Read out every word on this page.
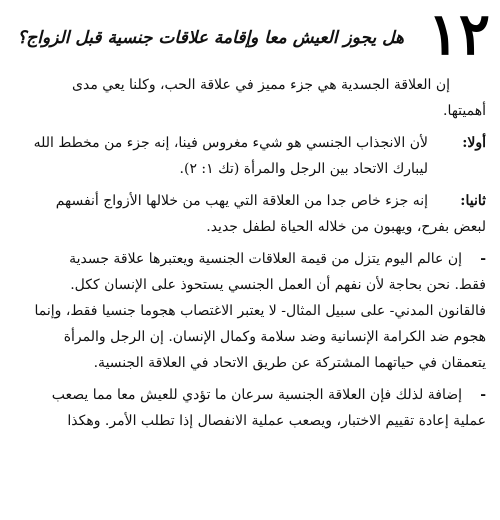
١٢
هل يجوز العيش معا وإقامة علاقات جنسية قبل الزواج؟
إن العلاقة الجسدية هي جزء مميز في علاقة الحب، وكلنا يعي مدى
أهميتها.
أولا:
لأن الانجذاب الجنسي هو شيء مغروس فينا، إنه جزء من مخطط الله
ليبارك الاتحاد بين الرجل والمرأة (تك ١: ٢).
ثانيا:
إنه جزء خاص جدا من العلاقة التي يهب من خلالها الأزواج أنفسهم
لبعض بفرح، ويهبون من خلاله الحياة لطفل جديد.
-
إن عالم اليوم يتزل من قيمة العلاقات الجنسية ويعتبرها علاقة جسدية
فقط. نحن بحاجة لأن نفهم أن العمل الجنسي يستحوذ على الإنسان ككل.
فالقانون المدني- على سبيل المثال- لا يعتبر الاغتصاب هجوما جنسيا فقط، وإنما
هجوم ضد الكرامة الإنسانية وضد سلامة وكمال الإنسان. إن الرجل والمرأة
يتعمقان في حياتهما المشتركة عن طريق الاتحاد في العلاقة الجنسية.
-
إضافة لذلك فإن العلاقة الجنسية سرعان ما تؤدي للعيش معا مما يصعب
عملية إعادة تقييم الاختبار، ويصعب عملية الانفصال إذا تطلب الأمر. وهكذا
